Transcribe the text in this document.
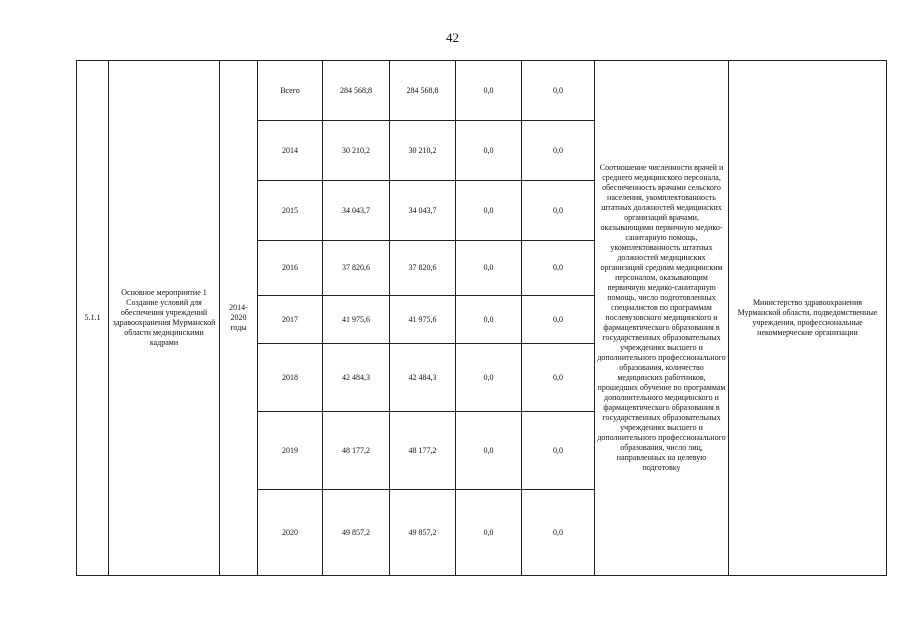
42
5.1.1	Основное мероприятие 1 Создание условий для обеспечения учреждений здравоохранения Мурманской области медицинскими кадрами	2014-2020 годы	Всего	284 568,8	284 568,8	0,0	0,0	Соотношение численности врачей и среднего медицинского персонала, обеспеченность врачами сельского населения, укомплектованность штатных должностей медицинских организаций врачами, оказывающими первичную медико-санитарную помощь, укомплектованность штатных должностей медицинских организаций средним медицинским персоналом, оказывающим первичную медико-санитарную помощь, число подготовленных специалистов по программам послевузовского медицинского и фармацевтического образования в государственных образовательных учреждениях высшего и дополнительного профессионального образования, количество медицинских работников, прошедших обучение по программам дополнительного медицинского и фармацевтического образования в государственных образовательных учреждениях высшего и дополнительного профессионального образования, число лиц, направленных на целевую подготовку	Министерство здравоохранения Мурманской области, подведомственные учреждения, профессиональные некоммерческие организации
			2014	30 210,2	30 210,2	0,0	0,0		
			2015	34 043,7	34 043,7	0,0	0,0		
			2016	37 820,6	37 820,6	0,0	0,0		
			2017	41 975,6	41 975,6	0,0	0,0		
			2018	42 484,3	42 484,3	0,0	0,0		
			2019	48 177,2	48 177,2	0,0	0,0		
			2020	49 857,2	49 857,2	0,0	0,0		
